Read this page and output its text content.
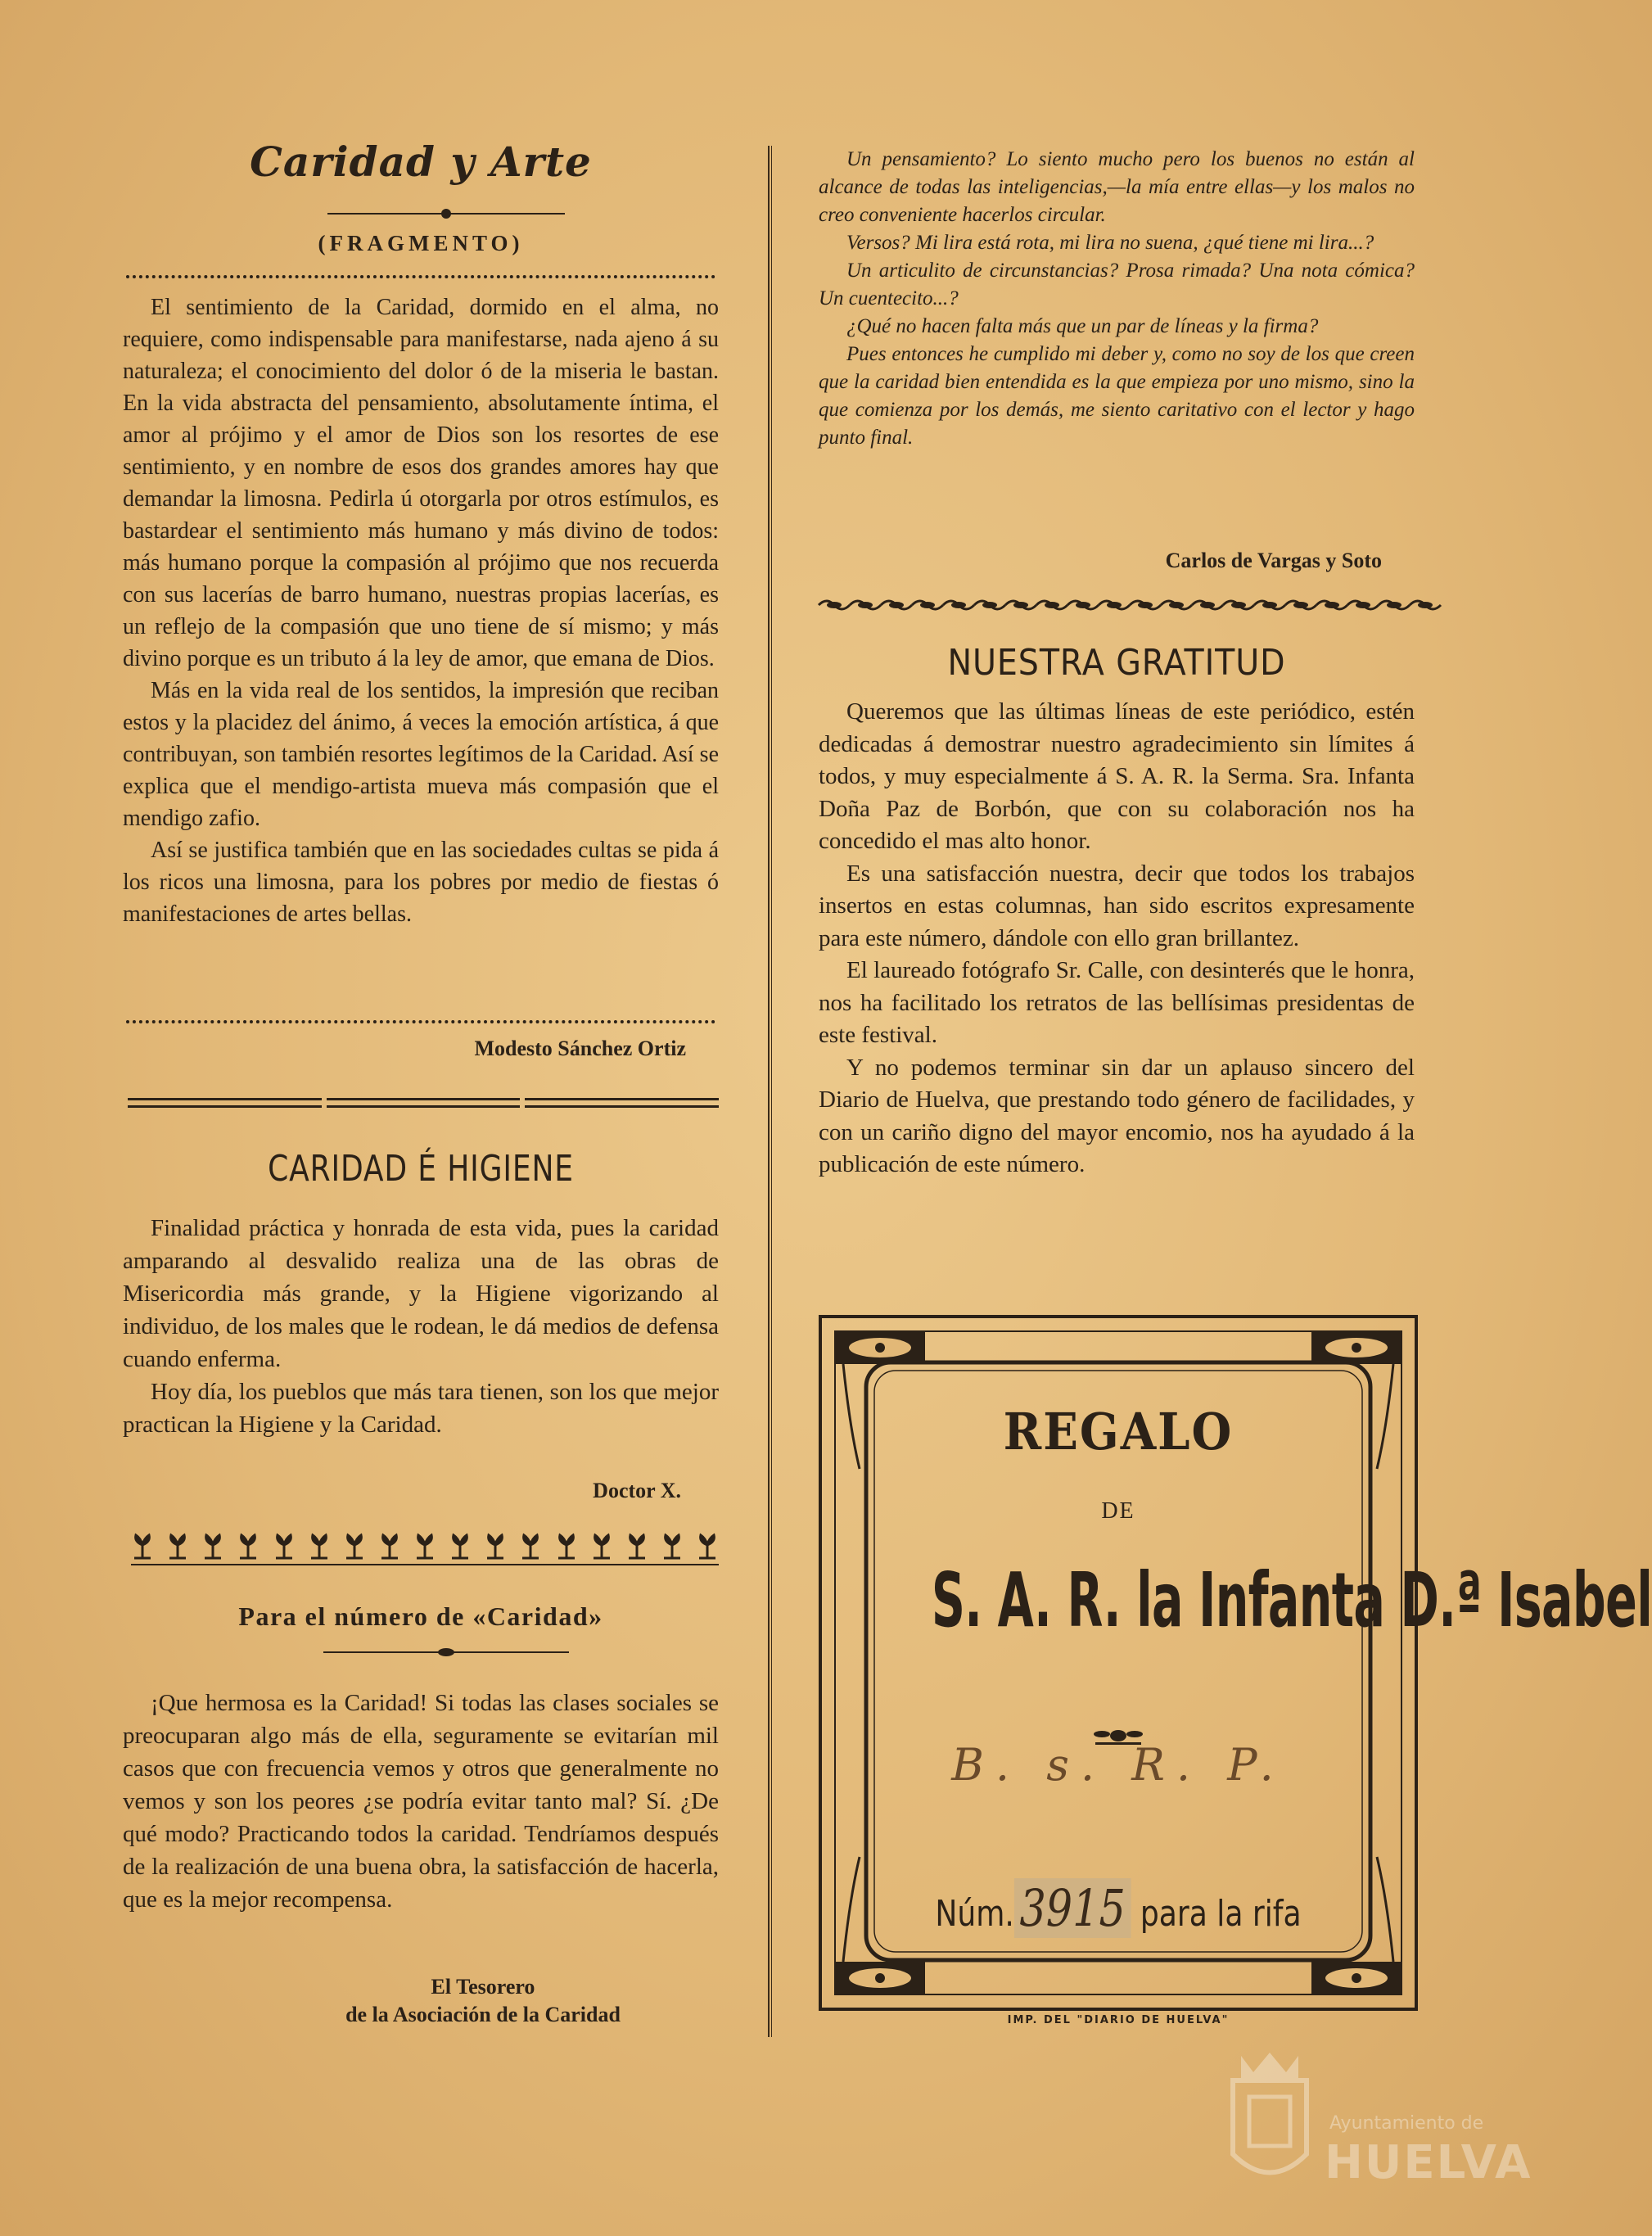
Caridad y Arte
(FRAGMENTO)

El sentimiento de la Caridad, dormido en el alma, no requiere, como indispensable para manifestarse, nada ajeno á su naturaleza; el conocimiento del dolor ó de la miseria le bastan. En la vida abstracta del pensamiento, absolutamente íntima, el amor al prójimo y el amor de Dios son los resortes de ese sentimiento, y en nombre de esos dos grandes amores hay que demandar la limosna. Pedirla ú otorgarla por otros estímulos, es bastardear el sentimiento más humano y más divino de todos: más humano porque la compasión al prójimo que nos recuerda con sus lacerías de barro humano, nuestras propias lacerías, es un reflejo de la compasión que uno tiene de sí mismo; y más divino porque es un tributo á la ley de amor, que emana de Dios.

Más en la vida real de los sentidos, la impresión que reciban estos y la placidez del ánimo, á veces la emoción artística, á que contribuyan, son también resortes legítimos de la Caridad. Así se explica que el mendigo-artista mueva más compasión que el mendigo zafio.

Así se justifica también que en las sociedades cultas se pida á los ricos una limosna, para los pobres por medio de fiestas ó manifestaciones de artes bellas.

Modesto Sánchez Ortiz
CARIDAD É HIGIENE

Finalidad práctica y honrada de esta vida, pues la caridad amparando al desvalido realiza una de las obras de Misericordia más grande, y la Higiene vigorizando al individuo, de los males que le rodean, le dá medios de defensa cuando enferma.

Hoy día, los pueblos que más tara tienen, son los que mejor practican la Higiene y la Caridad.

Doctor X.
Para el número de «Caridad»

¡Que hermosa es la Caridad! Si todas las clases sociales se preocuparan algo más de ella, seguramente se evitarían mil casos que con frecuencia vemos y otros que generalmente no vemos y son los peores ¿se podría evitar tanto mal? Sí. ¿De qué modo? Practicando todos la caridad. Tendríamos después de la realización de una buena obra, la satisfacción de hacerla, que es la mejor recompensa.

El Tesorero
de la Asociación de la Caridad

Un pensamiento? Lo siento mucho pero los buenos no están al alcance de todas las inteligencias,—la mía entre ellas—y los malos no creo conveniente hacerlos circular.

Versos? Mi lira está rota, mi lira no suena, ¿qué tiene mi lira...?

Un articulito de circunstancias? Prosa rimada? Una nota cómica? Un cuentecito...?

¿Qué no hacen falta más que un par de líneas y la firma?

Pues entonces he cumplido mi deber y, como no soy de los que creen que la caridad bien entendida es la que empieza por uno mismo, sino la que comienza por los demás, me siento caritativo con el lector y hago punto final.

Carlos de Vargas y Soto
NUESTRA GRATITUD

Queremos que las últimas líneas de este periódico, estén dedicadas á demostrar nuestro agradecimiento sin límites á todos, y muy especialmente á S. A. R. la Serma. Sra. Infanta Doña Paz de Borbón, que con su colaboración nos ha concedido el mas alto honor.

Es una satisfacción nuestra, decir que todos los trabajos insertos en estas columnas, han sido escritos expresamente para este número, dándole con ello gran brillantez.

El laureado fotógrafo Sr. Calle, con desinterés que le honra, nos ha facilitado los retratos de las bellísimas presidentas de este festival.

Y no podemos terminar sin dar un aplauso sincero del Diario de Huelva, que prestando todo género de facilidades, y con un cariño digno del mayor encomio, nos ha ayudado á la publicación de este número.

REGALO
DE
S. A. R. la Infanta D.ª Isabel
B. s. R. P.
Núm. 3915 para la rifa
IMP. DEL "DIARIO DE HUELVA"
Ayuntamiento de
HUELVA
